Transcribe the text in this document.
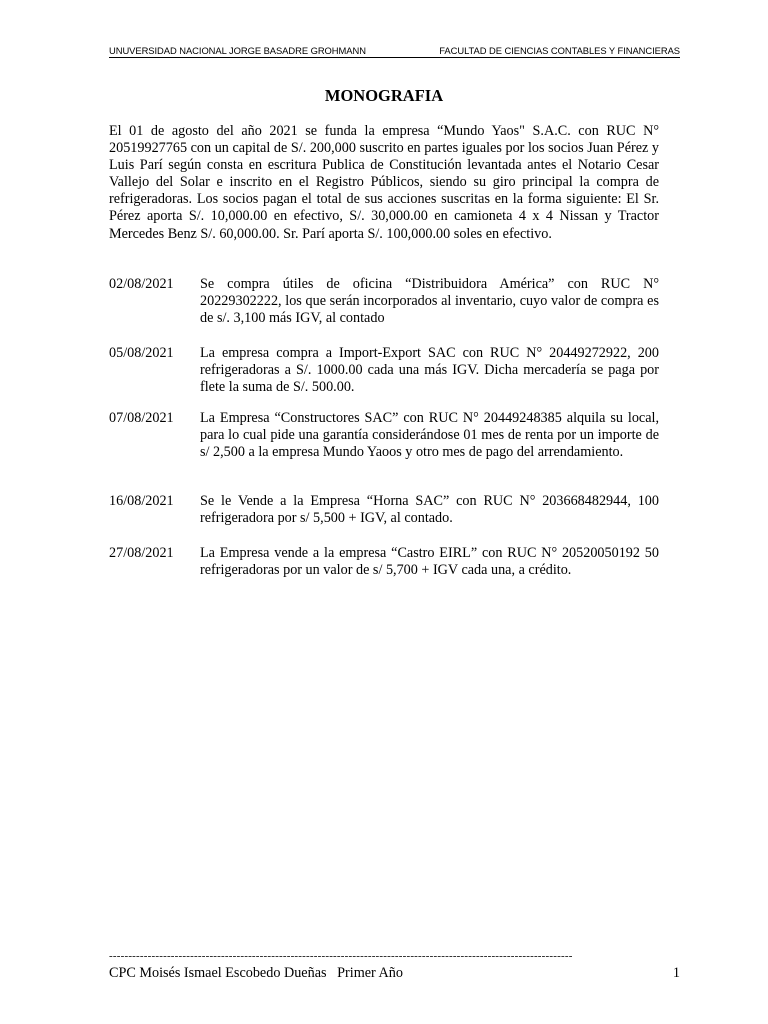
UNUVERSIDAD NACIONAL JORGE BASADRE GROHMANN	FACULTAD DE CIENCIAS CONTABLES Y FINANCIERAS
MONOGRAFIA

El 01 de agosto del año 2021 se funda la empresa “Mundo Yaos" S.A.C. con RUC N° 20519927765 con un capital de S/. 200,000 suscrito en partes iguales por los socios Juan Pérez y Luis Parí según consta en escritura Publica de Constitución levantada antes el Notario Cesar Vallejo del Solar e inscrito en el Registro Públicos, siendo su giro principal la compra de refrigeradoras. Los socios pagan el total de sus acciones suscritas en la forma siguiente: El Sr. Pérez aporta S/. 10,000.00 en efectivo, S/. 30,000.00 en camioneta 4 x 4 Nissan y Tractor Mercedes Benz S/. 60,000.00. Sr. Parí aporta S/. 100,000.00 soles en efectivo.

02/08/2021	Se compra útiles de oficina “Distribuidora América” con RUC N° 20229302222, los que serán incorporados al inventario, cuyo valor de compra es de s/. 3,100 más IGV, al contado
05/08/2021	La empresa compra a Import-Export SAC con RUC N° 20449272922, 200 refrigeradoras a S/. 1000.00 cada una más IGV. Dicha mercadería se paga por flete la suma de S/. 500.00.
07/08/2021	La Empresa “Constructores SAC” con RUC N° 20449248385 alquila su local, para lo cual pide una garantía considerándose 01 mes de renta por un importe de s/ 2,500 a la empresa Mundo Yaoos y otro mes de pago del arrendamiento.
16/08/2021	Se le Vende a la Empresa “Horna SAC” con RUC N° 203668482944, 100 refrigeradora por s/ 5,500 + IGV, al contado.
27/08/2021	La Empresa vende a la empresa “Castro EIRL” con RUC N° 20520050192 50 refrigeradoras por un valor de s/ 5,700 + IGV cada una, a crédito.
------------------------------------------------------------------------------------------------------------------------
CPC Moisés Ismael Escobedo Dueñas   Primer Año	1
